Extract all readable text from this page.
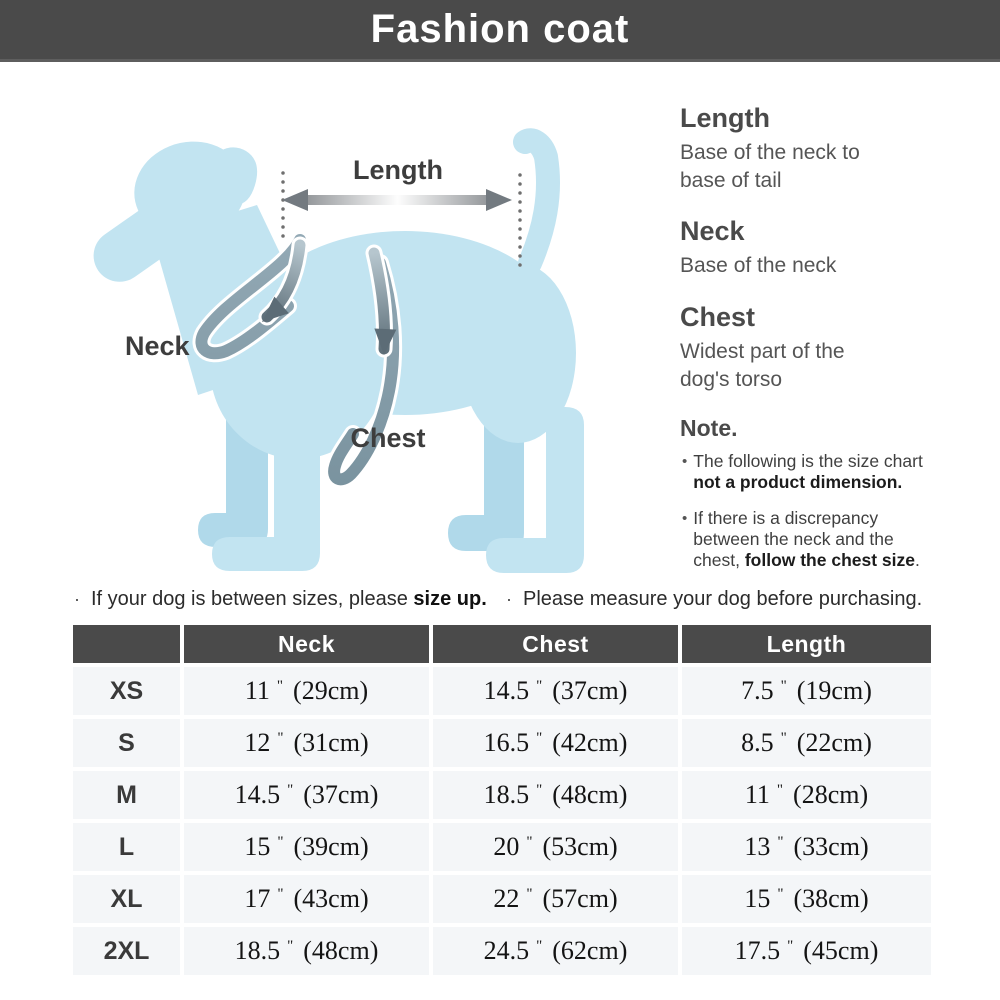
Fashion coat
Length
Neck
Chest
Length
Base of the neck to
base of tail
Neck
Base of the neck
Chest
Widest part of the
dog's torso
Note.
• The following is the size chart
not a product dimension.
• If there is a discrepancy
between the neck and the
chest, follow the chest size.
· If your dog is between sizes, please size up. · Please measure your dog before purchasing.
	Neck	Chest	Length
XS	11 " (29cm)	14.5 " (37cm)	7.5 " (19cm)
S	12 " (31cm)	16.5 " (42cm)	8.5 " (22cm)
M	14.5 " (37cm)	18.5 " (48cm)	11 " (28cm)
L	15 " (39cm)	20 " (53cm)	13 " (33cm)
XL	17 " (43cm)	22 " (57cm)	15 " (38cm)
2XL	18.5 " (48cm)	24.5 " (62cm)	17.5 " (45cm)
